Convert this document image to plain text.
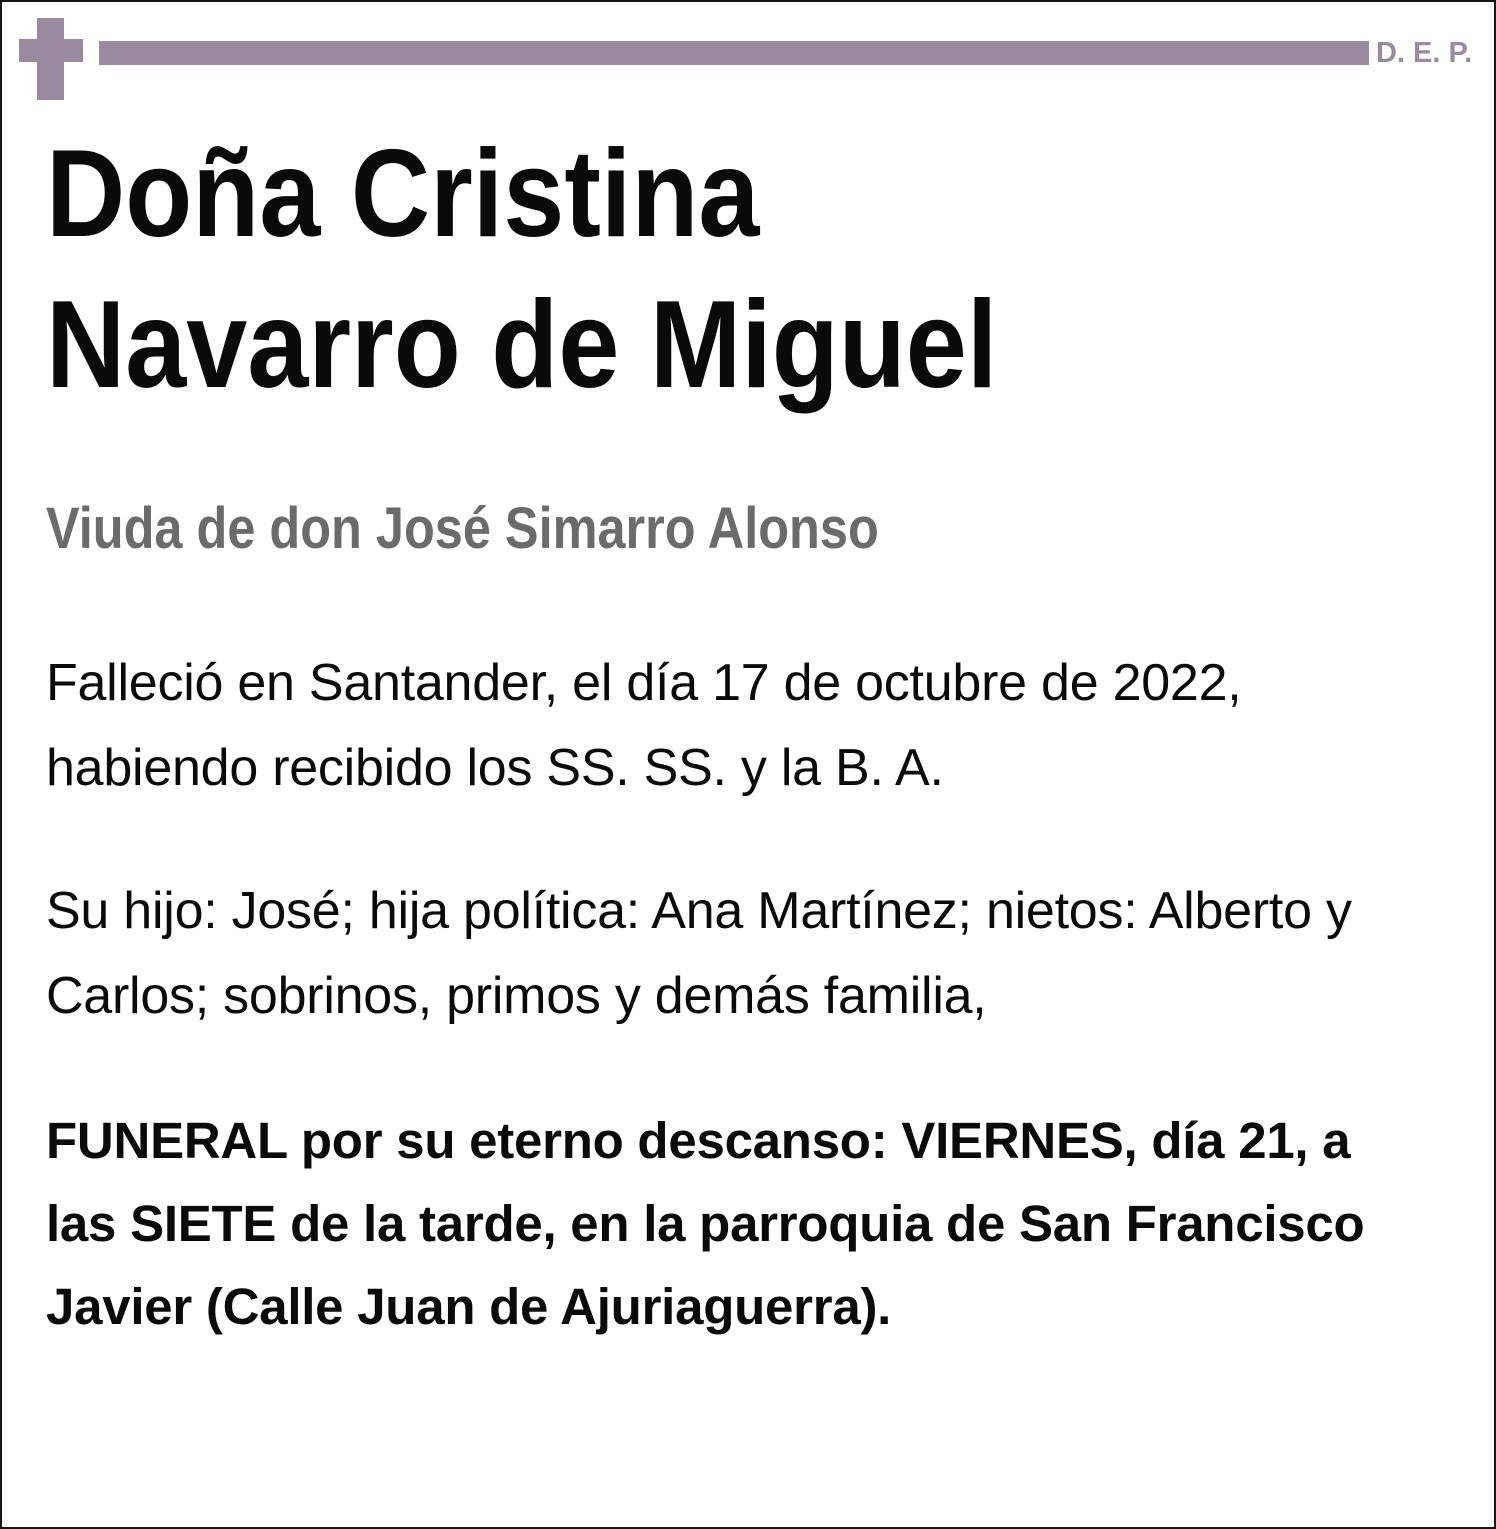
D. E. P.
Doña Cristina
Navarro de Miguel
Viuda de don José Simarro Alonso
Falleció en Santander, el día 17 de octubre de 2022,
habiendo recibido los SS. SS. y la B. A.
Su hijo: José; hija política: Ana Martínez; nietos: Alberto y
Carlos; sobrinos, primos y demás familia,
FUNERAL por su eterno descanso: VIERNES, día 21, a
las SIETE de la tarde, en la parroquia de San Francisco
Javier (Calle Juan de Ajuriaguerra).
